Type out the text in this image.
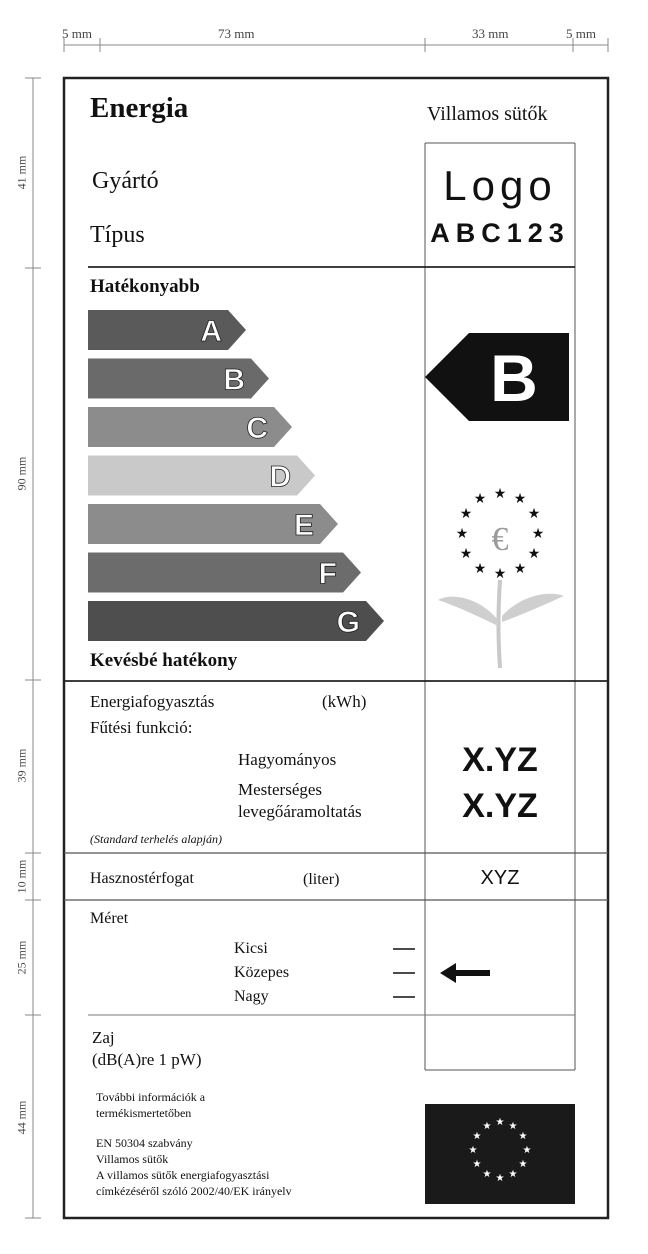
5 mm	73 mm	33 mm	5 mm
41 mm
90 mm
39 mm
10 mm
25 mm
44 mm
Energia	Villamos sütők
Gyártó
Típus
Logo
ABC123
Hatékonyabb
A
B
C
D
E
F
G
Kevésbé hatékony
B
★
★ ★
★	★
★	★
★	★
★ ★
★
€
Energiafogyasztás	(kWh)
Fűtési funkció:
Hagyományos	X.YZ
Mesterséges
levegőáramoltatás	X.YZ
(Standard terhelés alapján)
Hasznostérfogat	(liter)	XYZ
Méret
Kicsi
Közepes
Nagy
Zaj
(dB(A)re 1 pW)
További információk a
termékismertetőben
EN 50304 szabvány
Villamos sütők
A villamos sütők energiafogyasztási
címkézéséről szóló 2002/40/EK irányelv
★ ★
★
★
★
★
★
★
★
★
★
★
